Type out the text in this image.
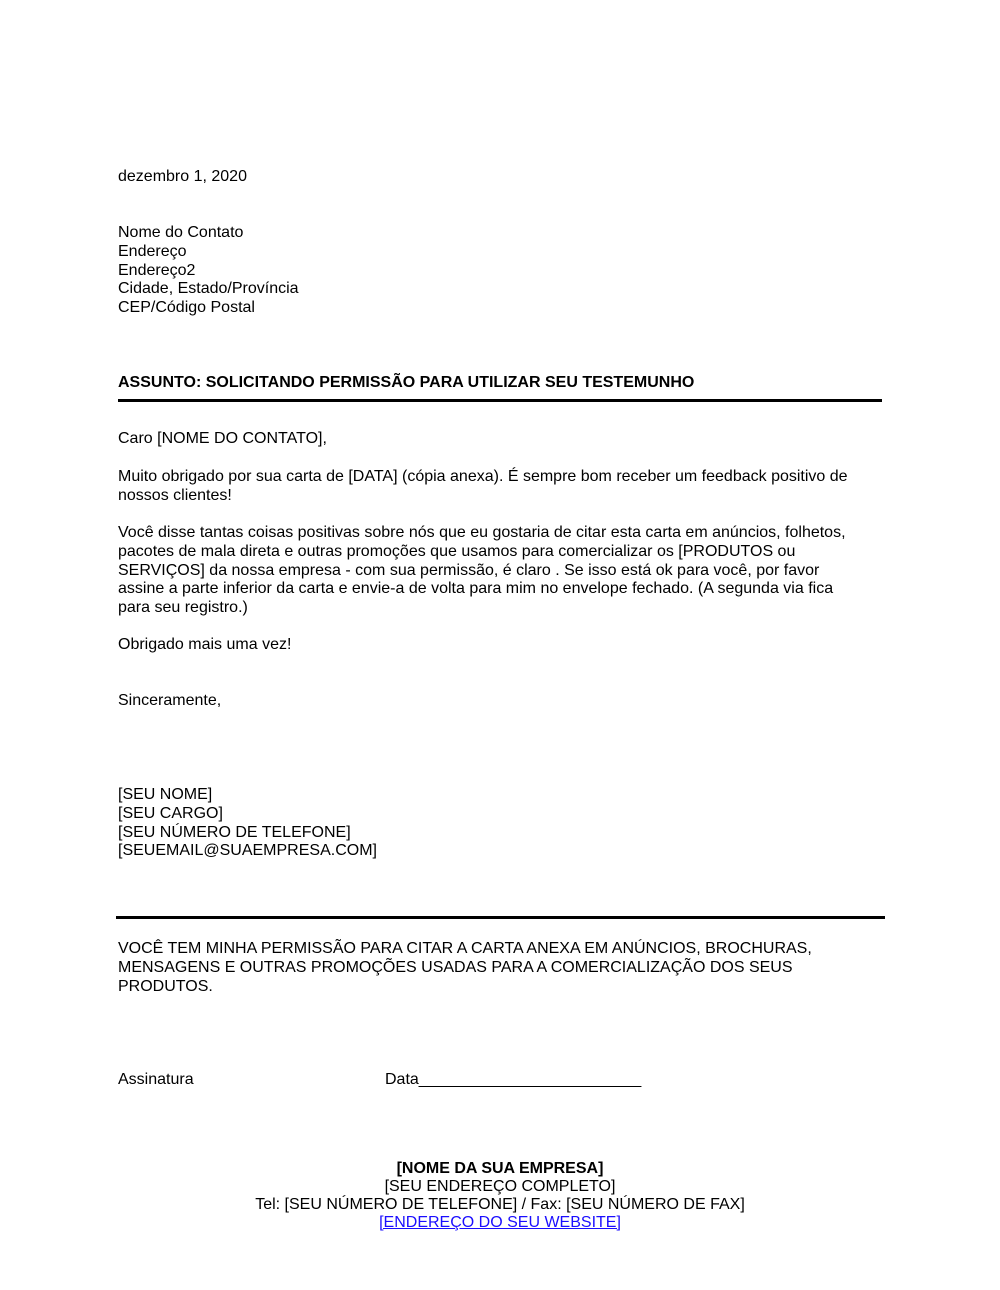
dezembro 1, 2020

Nome do Contato

Endereço

Endereço2

Cidade, Estado/Província

CEP/Código Postal

ASSUNTO: SOLICITANDO PERMISSÃO PARA UTILIZAR SEU TESTEMUNHO

Caro [NOME DO CONTATO],

Muito obrigado por sua carta de [DATA] (cópia anexa). É sempre bom receber um feedback positivo de

nossos clientes!

Você disse tantas coisas positivas sobre nós que eu gostaria de citar esta carta em anúncios, folhetos,

pacotes de mala direta e outras promoções que usamos para comercializar os [PRODUTOS ou

SERVIÇOS] da nossa empresa - com sua permissão, é claro . Se isso está ok para você, por favor

assine a parte inferior da carta e envie-a de volta para mim no envelope fechado. (A segunda via fica

para seu registro.)

Obrigado mais uma vez!

Sinceramente,

[SEU NOME]

[SEU CARGO]

[SEU NÚMERO DE TELEFONE]

[SEUEMAIL@SUAEMPRESA.COM]

VOCÊ TEM MINHA PERMISSÃO PARA CITAR A CARTA ANEXA EM ANÚNCIOS, BROCHURAS,

MENSAGENS E OUTRAS PROMOÇÕES USADAS PARA A COMERCIALIZAÇÃO DOS SEUS

PRODUTOS.

Assinatura	Data_________________________

[NOME DA SUA EMPRESA]
[SEU ENDEREÇO COMPLETO]
Tel: [SEU NÚMERO DE TELEFONE] / Fax: [SEU NÚMERO DE FAX]
[ENDEREÇO DO SEU WEBSITE]
